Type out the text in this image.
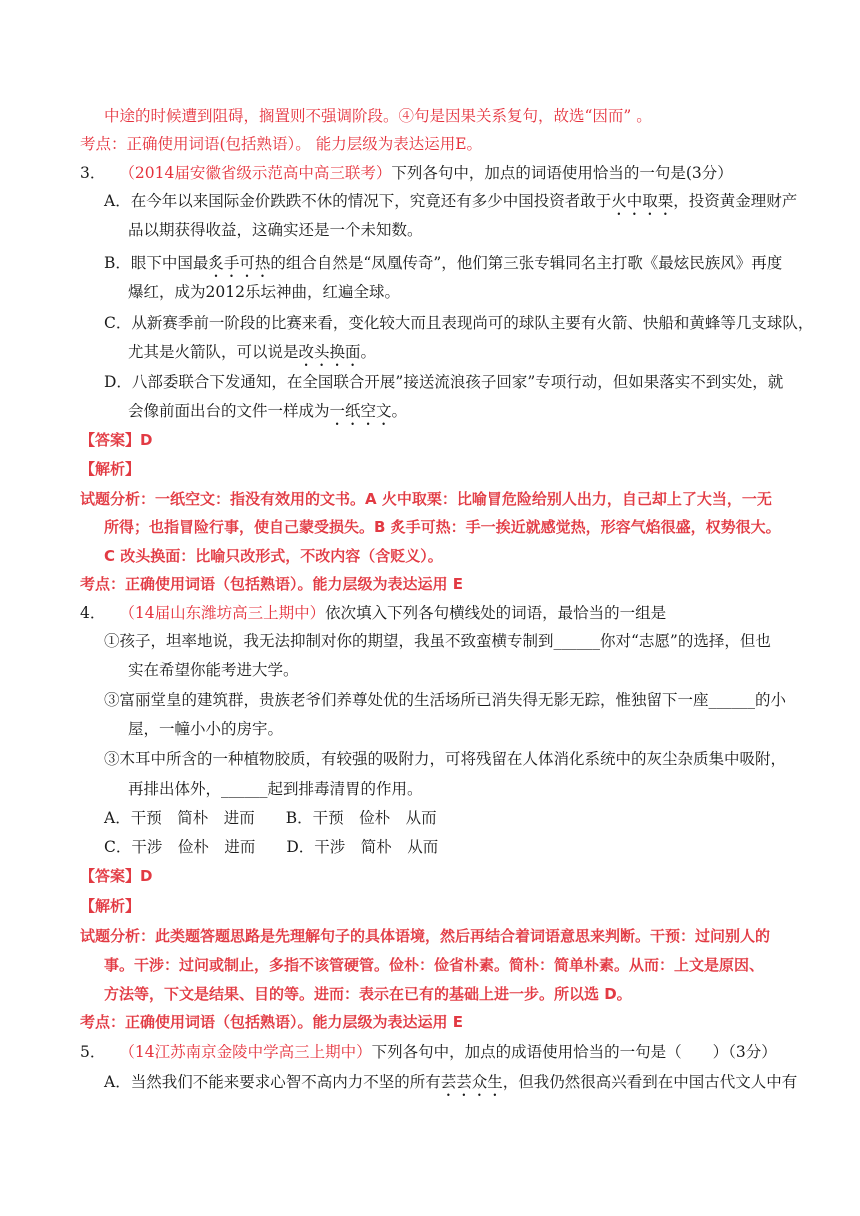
中途的时候遭到阻碍，搁置则不强调阶段。④句是因果关系复句，故选“因而” 。
考点：正确使用词语(包括熟语）。 能力层级为表达运用E。
3． （2014届安徽省级示范高中高三联考）下列各句中，加点的词语使用恰当的一句是(3分）
A．在今年以来国际金价跌跌不休的情况下，究竟还有多少中国投资者敢于火中取栗，投资黄金理财产
品以期获得收益，这确实还是一个未知数。
B．眼下中国最炙手可热的组合自然是“凤凰传奇”，他们第三张专辑同名主打歌《最炫民族风》再度
爆红，成为2012乐坛神曲，红遍全球。
C．从新赛季前一阶段的比赛来看，变化较大而且表现尚可的球队主要有火箭、快船和黄蜂等几支球队，
尤其是火箭队，可以说是改头换面。
D．八部委联合下发通知，在全国联合开展”接送流浪孩子回家”专项行动，但如果落实不到实处，就
会像前面出台的文件一样成为一纸空文。
【答案】D
【解析】
试题分析：一纸空文：指没有效用的文书。A 火中取栗：比喻冒危险给别人出力，自己却上了大当，一无
所得；也指冒险行事，使自己蒙受损失。B 炙手可热：手一挨近就感觉热，形容气焰很盛，权势很大。
C 改头换面：比喻只改形式，不改内容（含贬义）。
考点：正确使用词语（包括熟语）。能力层级为表达运用 E
4． （14届山东潍坊高三上期中）依次填入下列各句横线处的词语，最恰当的一组是
①孩子，坦率地说，我无法抑制对你的期望，我虽不致蛮横专制到______你对“志愿”的选择，但也
实在希望你能考进大学。
③富丽堂皇的建筑群，贵族老爷们养尊处优的生活场所已消失得无影无踪，惟独留下一座______的小
屋，一幢小小的房宇。
③木耳中所含的一种植物胶质，有较强的吸附力，可将残留在人体消化系统中的灰尘杂质集中吸附，
再排出体外，______起到排毒清胃的作用。
A．干预　简朴　进而　　B．干预　俭朴　从而
C．干涉　俭朴　进而　　D．干涉　简朴　从而
【答案】D
【解析】
试题分析：此类题答题思路是先理解句子的具体语境，然后再结合着词语意思来判断。干预：过问别人的
事。干涉：过问或制止，多指不该管硬管。俭朴：俭省朴素。简朴：简单朴素。从而：上文是原因、
方法等，下文是结果、目的等。进而：表示在已有的基础上进一步。所以选 D。
考点：正确使用词语（包括熟语）。能力层级为表达运用 E
5． （14江苏南京金陵中学高三上期中）下列各句中，加点的成语使用恰当的一句是（　　）（3分）
A．当然我们不能来要求心智不高内力不坚的所有芸芸众生，但我仍然很高兴看到在中国古代文人中有
